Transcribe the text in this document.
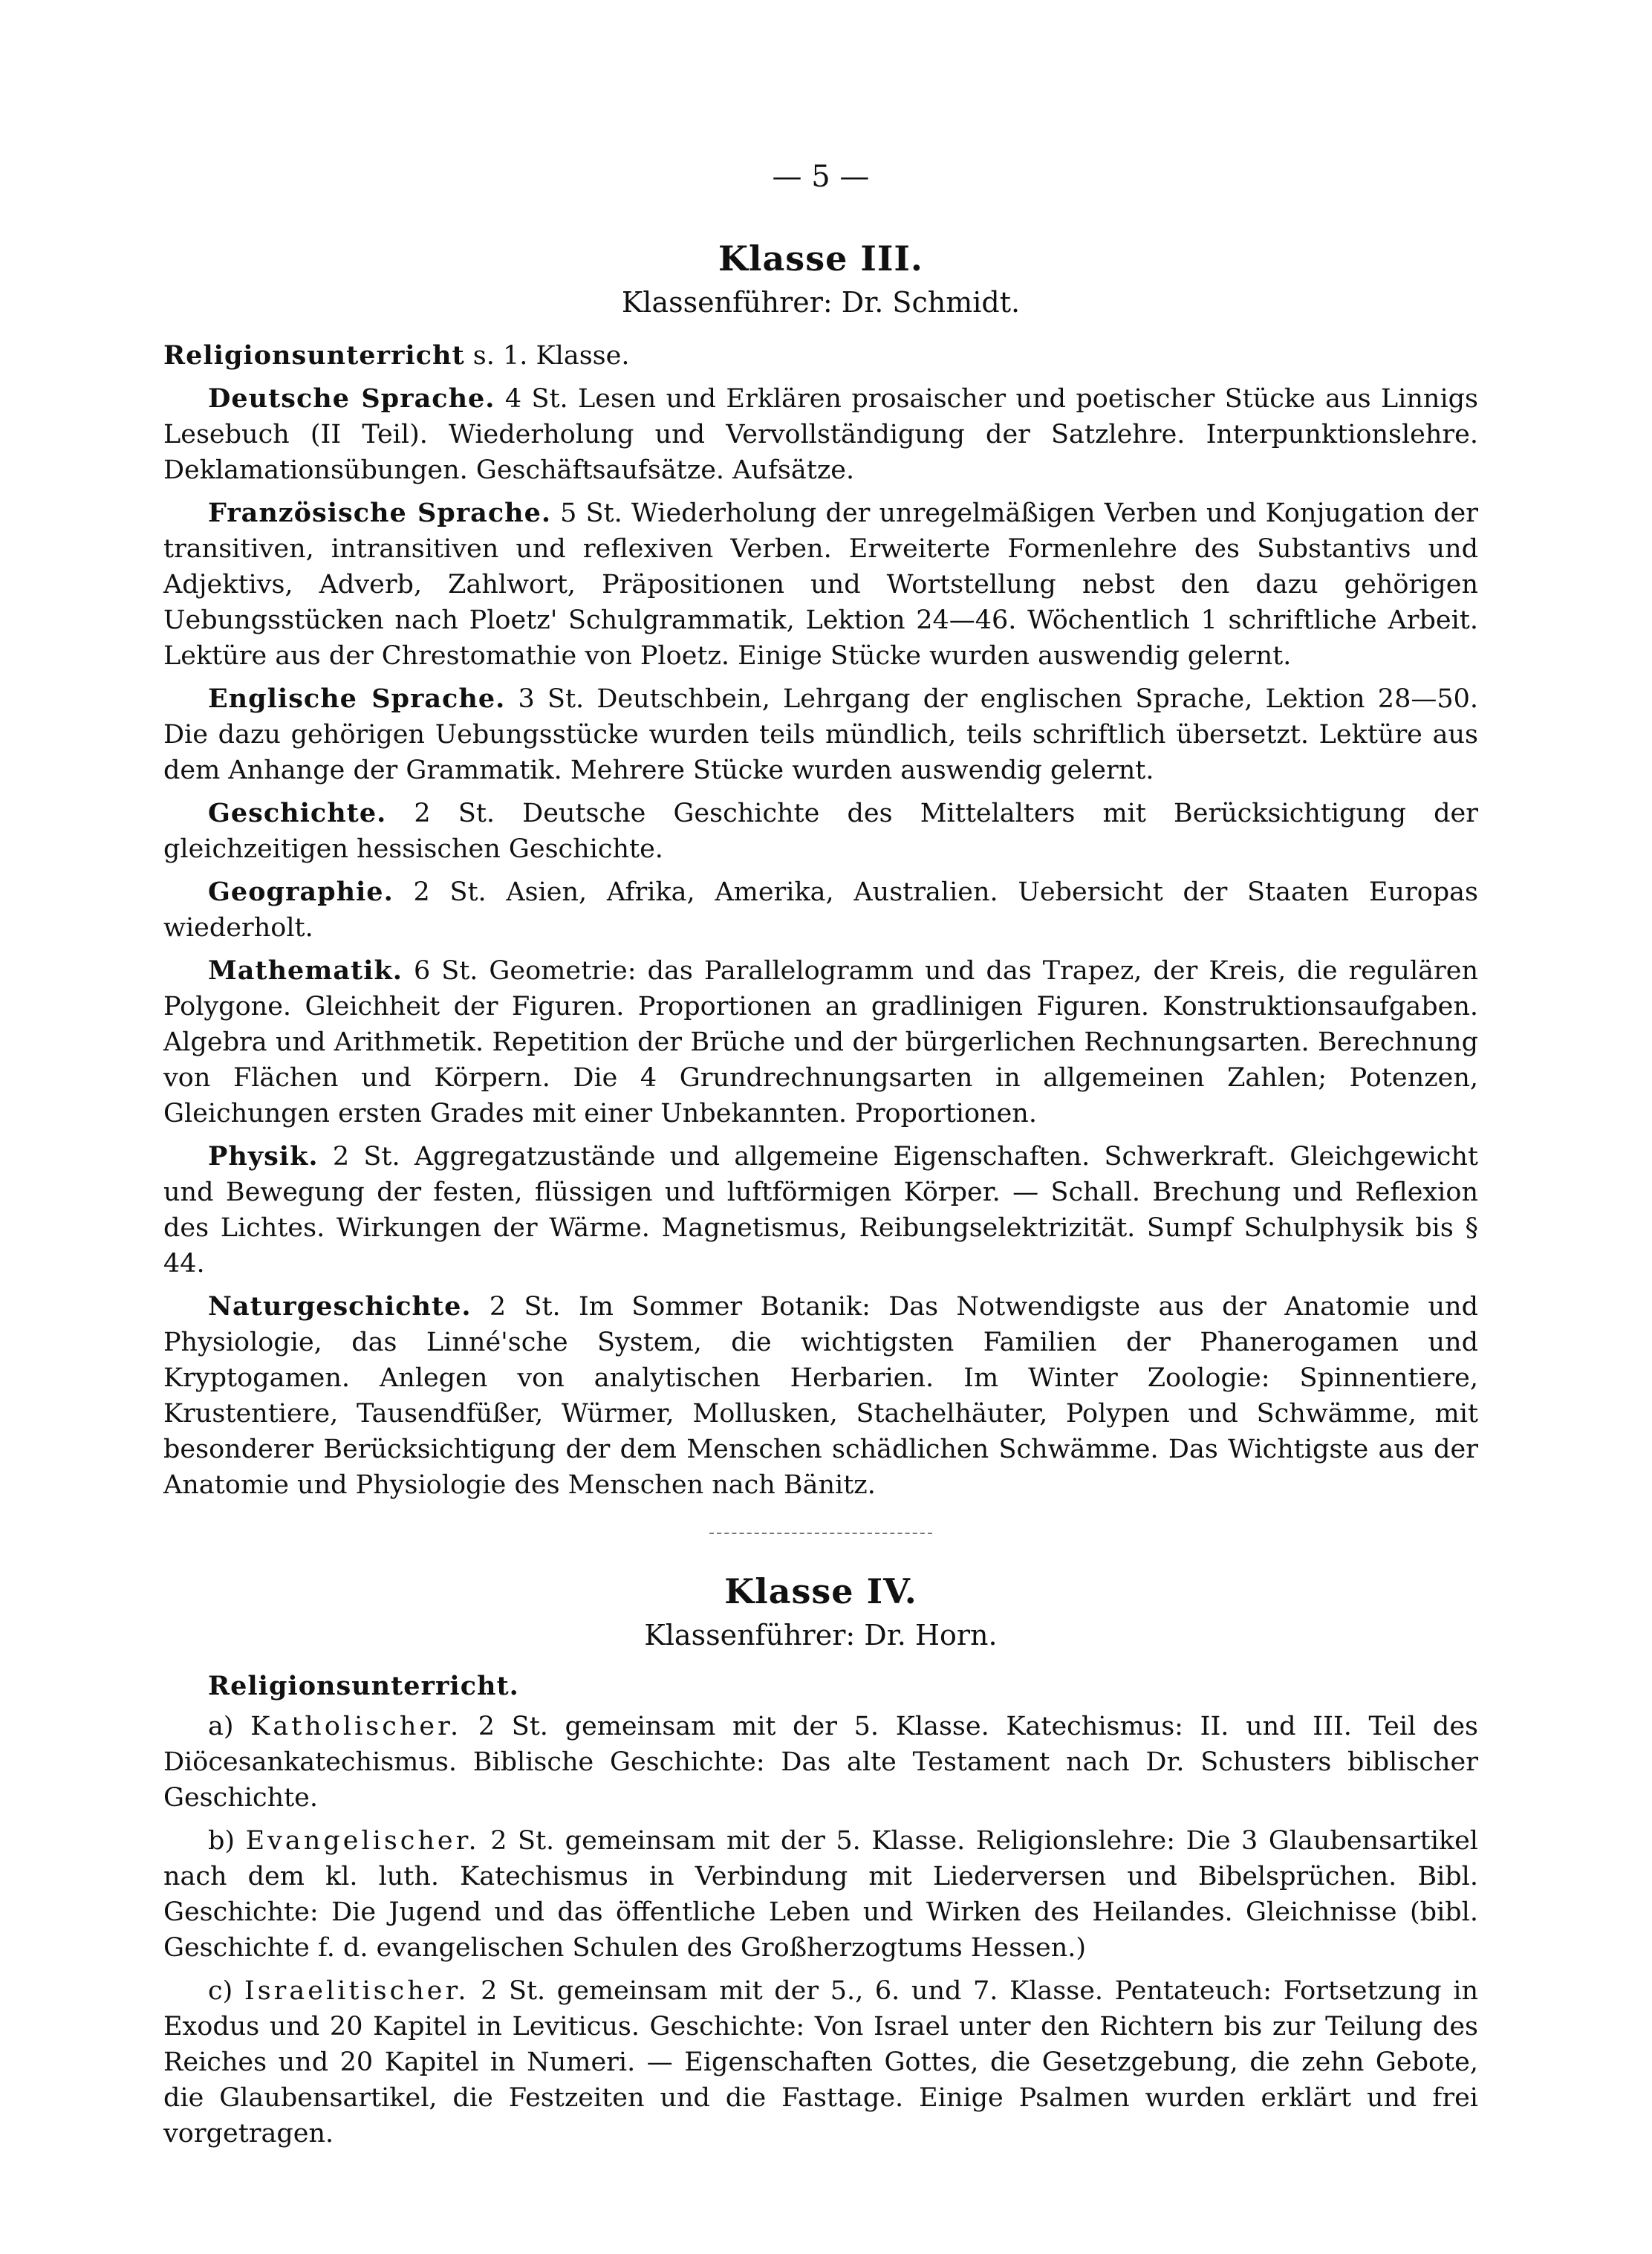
— 5 —
Klasse III.
Klassenführer: Dr. Schmidt.

Religionsunterricht s. 1. Klasse.

Deutsche Sprache. 4 St. Lesen und Erklären prosaischer und poetischer Stücke aus Linnigs Lesebuch (II Teil). Wiederholung und Vervollständigung der Satzlehre. Interpunktionslehre. Deklamationsübungen. Geschäftsaufsätze. Aufsätze.

Französische Sprache. 5 St. Wiederholung der unregelmäßigen Verben und Konjugation der transitiven, intransitiven und reflexiven Verben. Erweiterte Formenlehre des Substantivs und Adjektivs, Adverb, Zahlwort, Präpositionen und Wortstellung nebst den dazu gehörigen Uebungsstücken nach Ploetz' Schulgrammatik, Lektion 24—46. Wöchentlich 1 schriftliche Arbeit. Lektüre aus der Chrestomathie von Ploetz. Einige Stücke wurden auswendig gelernt.

Englische Sprache. 3 St. Deutschbein, Lehrgang der englischen Sprache, Lektion 28—50. Die dazu gehörigen Uebungsstücke wurden teils mündlich, teils schriftlich übersetzt. Lektüre aus dem Anhange der Grammatik. Mehrere Stücke wurden auswendig gelernt.

Geschichte. 2 St. Deutsche Geschichte des Mittelalters mit Berücksichtigung der gleichzeitigen hessischen Geschichte.

Geographie. 2 St. Asien, Afrika, Amerika, Australien. Uebersicht der Staaten Europas wiederholt.

Mathematik. 6 St. Geometrie: das Parallelogramm und das Trapez, der Kreis, die regulären Polygone. Gleichheit der Figuren. Proportionen an gradlinigen Figuren. Konstruktionsaufgaben. Algebra und Arithmetik. Repetition der Brüche und der bürgerlichen Rechnungsarten. Berechnung von Flächen und Körpern. Die 4 Grundrechnungsarten in allgemeinen Zahlen; Potenzen, Gleichungen ersten Grades mit einer Unbekannten. Proportionen.

Physik. 2 St. Aggregatzustände und allgemeine Eigenschaften. Schwerkraft. Gleichgewicht und Bewegung der festen, flüssigen und luftförmigen Körper. — Schall. Brechung und Reflexion des Lichtes. Wirkungen der Wärme. Magnetismus, Reibungselektrizität. Sumpf Schulphysik bis § 44.

Naturgeschichte. 2 St. Im Sommer Botanik: Das Notwendigste aus der Anatomie und Physiologie, das Linné'sche System, die wichtigsten Familien der Phanerogamen und Kryptogamen. Anlegen von analytischen Herbarien. Im Winter Zoologie: Spinnentiere, Krustentiere, Tausendfüßer, Würmer, Mollusken, Stachelhäuter, Polypen und Schwämme, mit besonderer Berücksichtigung der dem Menschen schädlichen Schwämme. Das Wichtigste aus der Anatomie und Physiologie des Menschen nach Bänitz.

Klasse IV.
Klassenführer: Dr. Horn.
Religionsunterricht.

a) Katholischer. 2 St. gemeinsam mit der 5. Klasse. Katechismus: II. und III. Teil des Diöcesankatechismus. Biblische Geschichte: Das alte Testament nach Dr. Schusters biblischer Geschichte.

b) Evangelischer. 2 St. gemeinsam mit der 5. Klasse. Religionslehre: Die 3 Glaubensartikel nach dem kl. luth. Katechismus in Verbindung mit Liederversen und Bibelsprüchen. Bibl. Geschichte: Die Jugend und das öffentliche Leben und Wirken des Heilandes. Gleichnisse (bibl. Geschichte f. d. evangelischen Schulen des Großherzogtums Hessen.)

c) Israelitischer. 2 St. gemeinsam mit der 5., 6. und 7. Klasse. Pentateuch: Fortsetzung in Exodus und 20 Kapitel in Leviticus. Geschichte: Von Israel unter den Richtern bis zur Teilung des Reiches und 20 Kapitel in Numeri. — Eigenschaften Gottes, die Gesetzgebung, die zehn Gebote, die Glaubensartikel, die Festzeiten und die Fasttage. Einige Psalmen wurden erklärt und frei vorgetragen.
